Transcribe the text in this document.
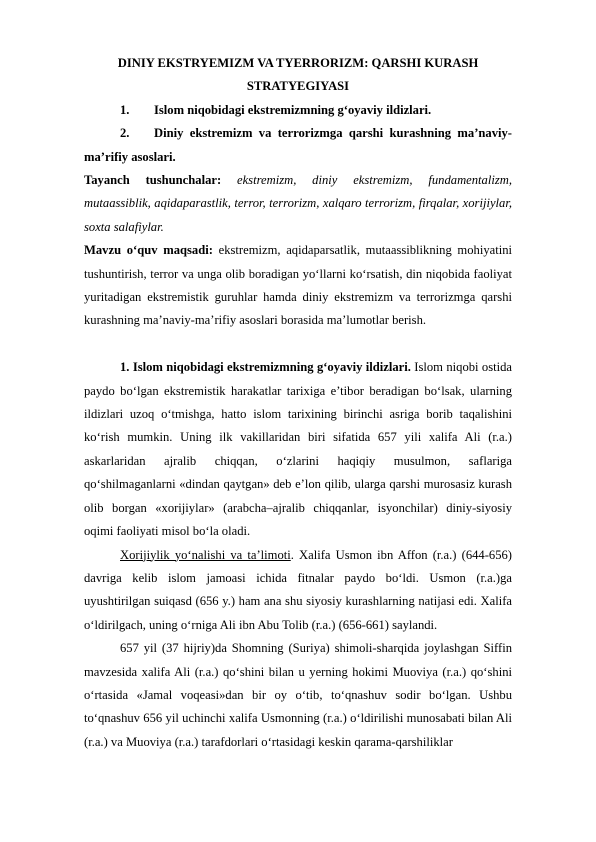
DINIY EKSTRYEMIZM VA TYERRORIZM: QARSHI KURASH STRATYEGIYASI

1. Islom niqobidagi ekstremizmning g‘oyaviy ildizlari.
2. Diniy ekstremizm va terrorizmga qarshi kurashning ma’naviy-ma’rifiy asoslari.

Tayanch tushunchalar: ekstremizm, diniy ekstremizm, fundamentalizm, mutaassiblik, aqidaparastlik, terror, terrorizm, xalqaro terrorizm, firqalar, xorijiylar, soxta salafiylar.

Mavzu o‘quv maqsadi: ekstremizm, aqidaparsatlik, mutaassiblikning mohiyatini tushuntirish, terror va unga olib boradigan yo‘llarni ko‘rsatish, din niqobida faoliyat yuritadigan ekstremistik guruhlar hamda diniy ekstremizm va terrorizmga qarshi kurashning ma’naviy-ma’rifiy asoslari borasida ma’lumotlar berish.

1. Islom niqobidagi ekstremizmning g‘oyaviy ildizlari. Islom niqobi ostida paydo bo‘lgan ekstremistik harakatlar tarixiga e’tibor beradigan bo‘lsak, ularning ildizlari uzoq o‘tmishga, hatto islom tarixining birinchi asriga borib taqalishini ko‘rish mumkin. Uning ilk vakillaridan biri sifatida 657 yili xalifa Ali (r.a.) askarlaridan ajralib chiqqan, o‘zlarini haqiqiy musulmon, saflariga qo‘shilmaganlarni «dindan qaytgan» deb e’lon qilib, ularga qarshi murosasiz kurash olib borgan «xorijiylar» (arabcha–ajralib chiqqanlar, isyonchilar) diniy-siyosiy oqimi faoliyati misol bo‘la oladi.

Xorijiylik yo‘nalishi va ta’limoti. Xalifa Usmon ibn Affon (r.a.) (644-656) davriga kelib islom jamoasi ichida fitnalar paydo bo‘ldi. Usmon (r.a.)ga uyushtirilgan suiqasd (656 y.) ham ana shu siyosiy kurashlarning natijasi edi. Xalifa o‘ldirilgach, uning o‘rniga Ali ibn Abu Tolib (r.a.) (656-661) saylandi.

657 yil (37 hijriy)da Shomning (Suriya) shimoli-sharqida joylashgan Siffin mavzesida xalifa Ali (r.a.) qo‘shini bilan u yerning hokimi Muoviya (r.a.) qo‘shini o‘rtasida «Jamal voqeasi»dan bir oy o‘tib, to‘qnashuv sodir bo‘lgan. Ushbu to‘qnashuv 656 yil uchinchi xalifa Usmonning (r.a.) o‘ldirilishi munosabati bilan Ali (r.a.) va Muoviya (r.a.) tarafdorlari o‘rtasidagi keskin qarama-qarshiliklar
